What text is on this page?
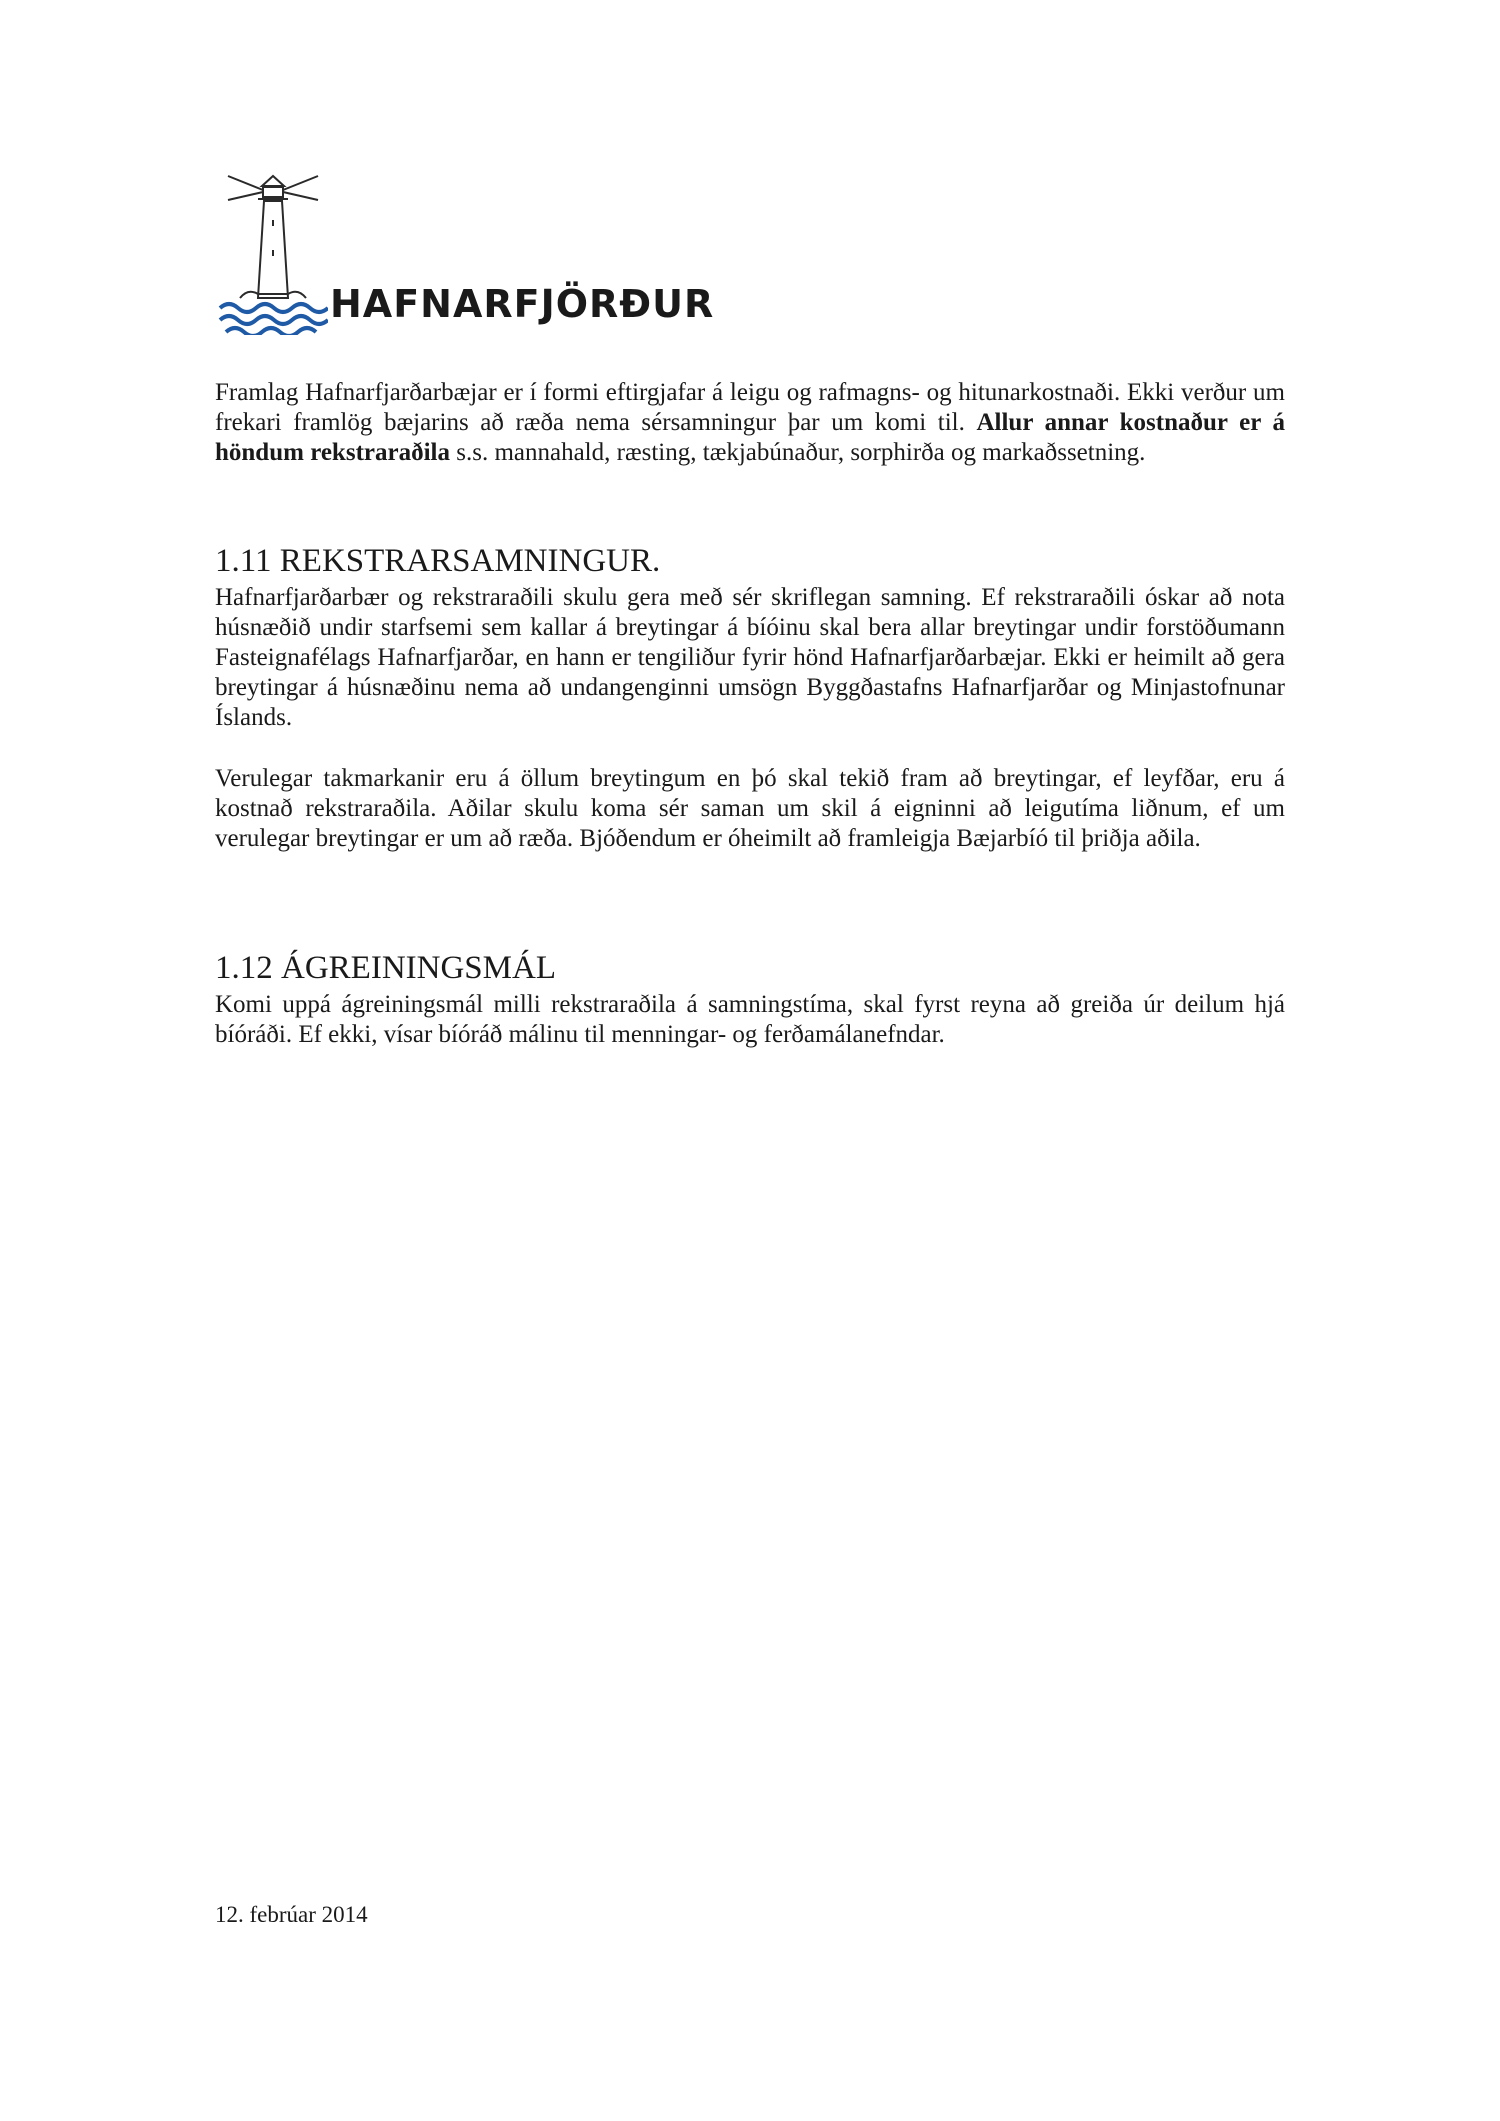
HAFNARFJÖRÐUR

Framlag Hafnarfjarðarbæjar er í formi eftirgjafar á leigu og rafmagns- og hitunarkostnaði. Ekki verður um frekari framlög bæjarins að ræða nema sérsamningur þar um komi til. Allur annar kostnaður er á höndum rekstraraðila s.s. mannahald, ræsting, tækjabúnaður, sorphirða og markaðssetning.

1.11 REKSTRARSAMNINGUR.

Hafnarfjarðarbær og rekstraraðili skulu gera með sér skriflegan samning. Ef rekstraraðili óskar að nota húsnæðið undir starfsemi sem kallar á breytingar á bíóinu skal bera allar breytingar undir forstöðumann Fasteignafélags Hafnarfjarðar, en hann er tengiliður fyrir hönd Hafnarfjarðarbæjar. Ekki er heimilt að gera breytingar á húsnæðinu nema að undangenginni umsögn Byggðastafns Hafnarfjarðar og Minjastofnunar Íslands.

Verulegar takmarkanir eru á öllum breytingum en þó skal tekið fram að breytingar, ef leyfðar, eru á kostnað rekstraraðila. Aðilar skulu koma sér saman um skil á eigninni að leigutíma liðnum, ef um verulegar breytingar er um að ræða. Bjóðendum er óheimilt að framleigja Bæjarbíó til þriðja aðila.

1.12 ÁGREININGSMÁL

Komi uppá ágreiningsmál milli rekstraraðila á samningstíma, skal fyrst reyna að greiða úr deilum hjá bíóráði. Ef ekki, vísar bíóráð málinu til menningar- og ferðamálanefndar.

12. febrúar 2014
